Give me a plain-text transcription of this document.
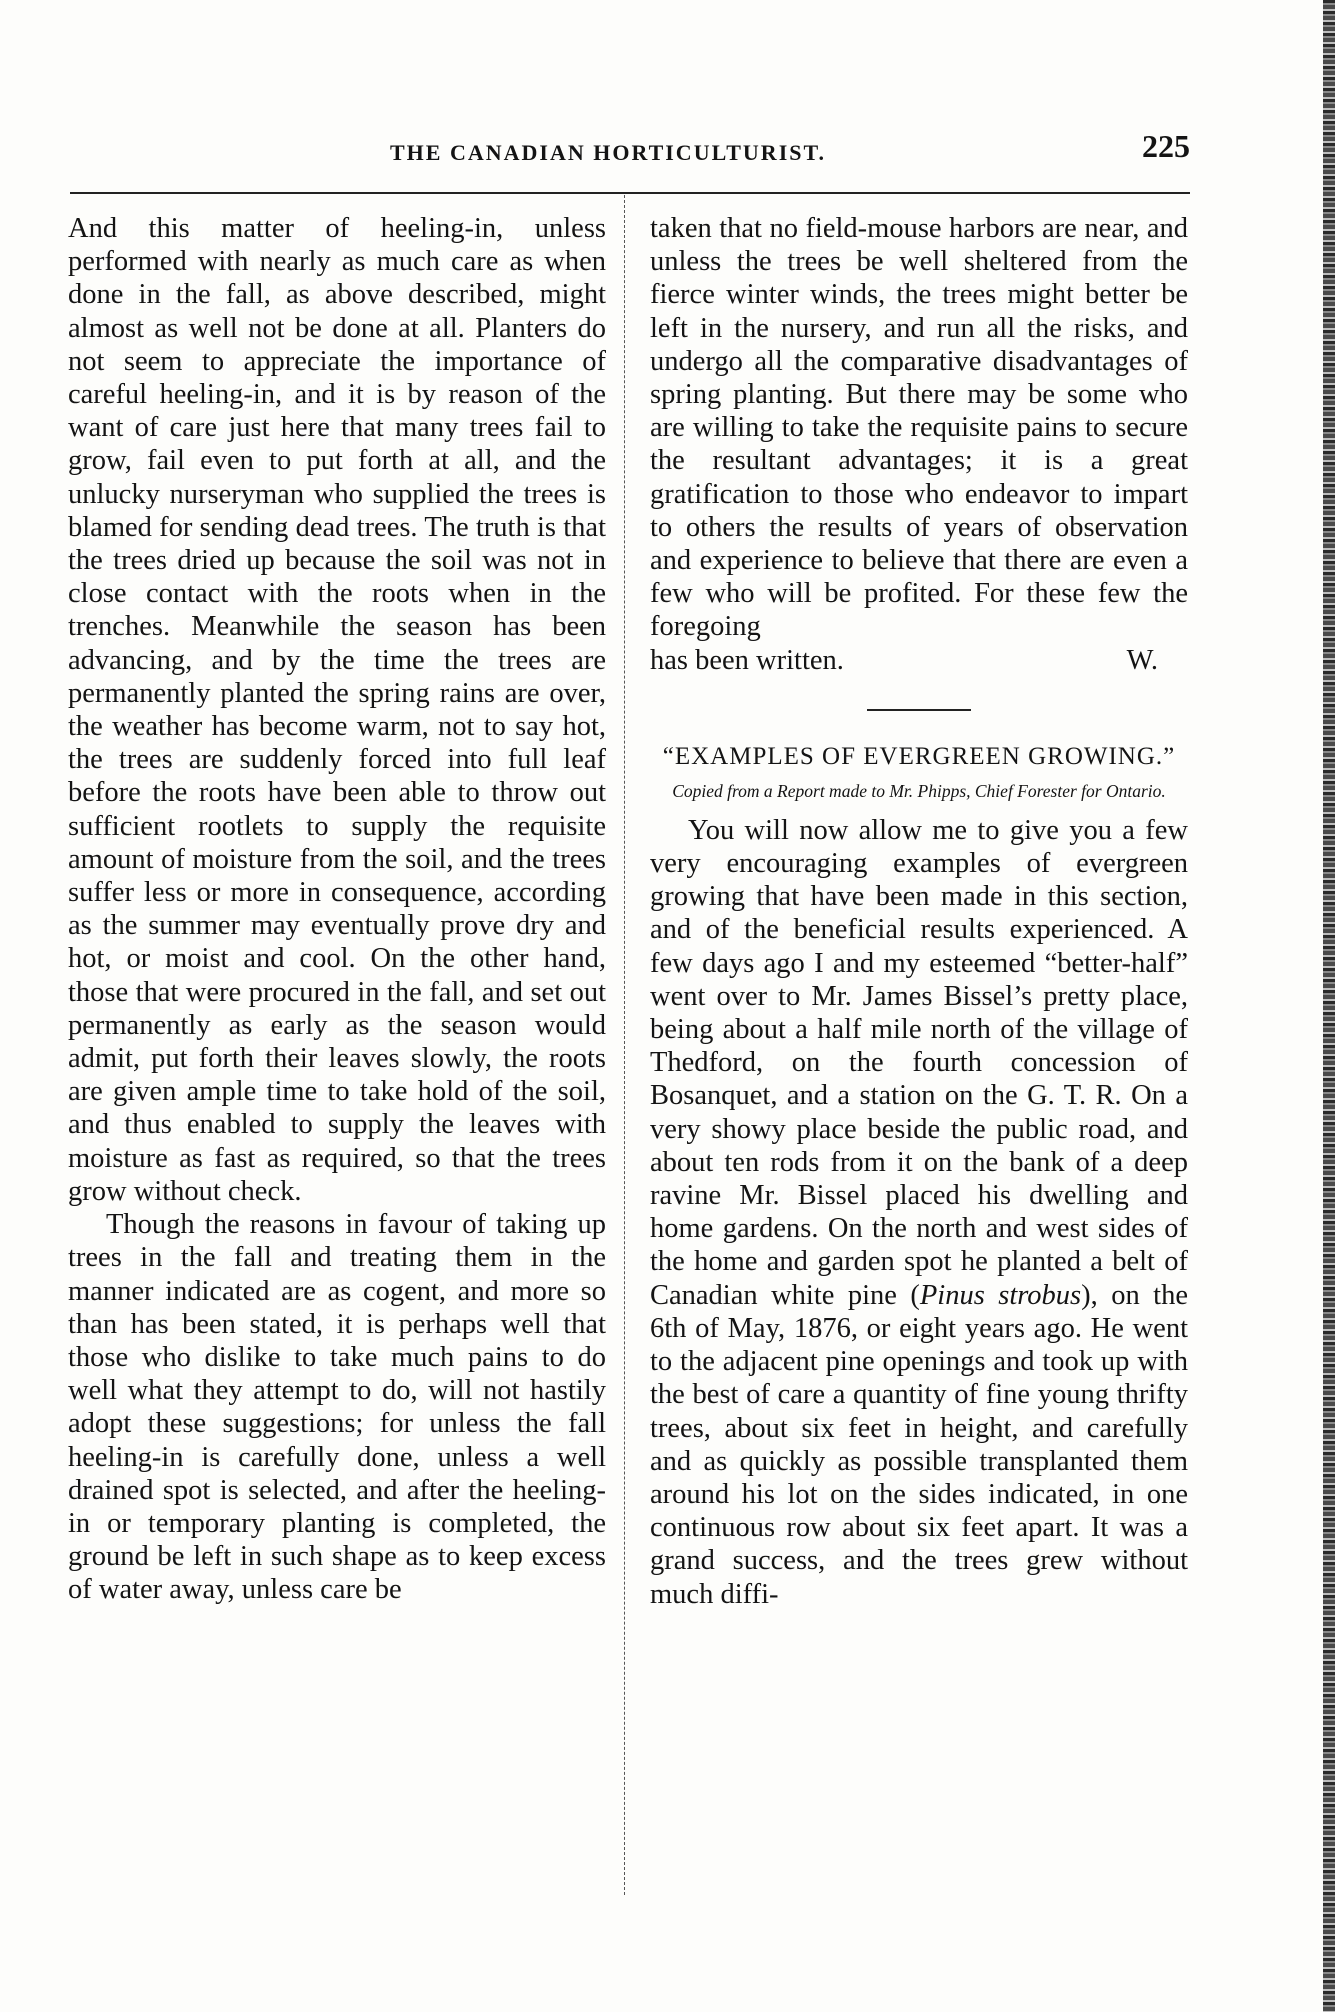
THE CANADIAN HORTICULTURIST.	225

And this matter of heeling-in, unless performed with nearly as much care as when done in the fall, as above described, might almost as well not be done at all. Planters do not seem to appreciate the importance of careful heeling-in, and it is by reason of the want of care just here that many trees fail to grow, fail even to put forth at all, and the unlucky nurseryman who supplied the trees is blamed for sending dead trees. The truth is that the trees dried up because the soil was not in close contact with the roots when in the trenches. Meanwhile the season has been advancing, and by the time the trees are permanently planted the spring rains are over, the weather has become warm, not to say hot, the trees are suddenly forced into full leaf before the roots have been able to throw out sufficient rootlets to supply the requisite amount of moisture from the soil, and the trees suffer less or more in consequence, according as the summer may eventually prove dry and hot, or moist and cool. On the other hand, those that were procured in the fall, and set out permanently as early as the season would admit, put forth their leaves slowly, the roots are given ample time to take hold of the soil, and thus enabled to supply the leaves with moisture as fast as required, so that the trees grow without check.

Though the reasons in favour of taking up trees in the fall and treating them in the manner indicated are as cogent, and more so than has been stated, it is perhaps well that those who dislike to take much pains to do well what they attempt to do, will not hastily adopt these suggestions; for unless the fall heeling-in is carefully done, unless a well drained spot is selected, and after the heeling-in or temporary planting is completed, the ground be left in such shape as to keep excess of water away, unless care be

taken that no field-mouse harbors are near, and unless the trees be well sheltered from the fierce winter winds, the trees might better be left in the nursery, and run all the risks, and undergo all the comparative disadvantages of spring planting. But there may be some who are willing to take the requisite pains to secure the resultant advantages; it is a great gratification to those who endeavor to impart to others the results of years of observation and experience to believe that there are even a few who will be profited. For these few the foregoing

has been written.	W.
“EXAMPLES OF EVERGREEN GROWING.”
Copied from a Report made to Mr. Phipps, Chief Forester for Ontario.

You will now allow me to give you a few very encouraging examples of evergreen growing that have been made in this section, and of the beneficial results experienced. A few days ago I and my esteemed “better-half” went over to Mr. James Bissel’s pretty place, being about a half mile north of the village of Thedford, on the fourth concession of Bosanquet, and a station on the G. T. R. On a very showy place beside the public road, and about ten rods from it on the bank of a deep ravine Mr. Bissel placed his dwelling and home gardens. On the north and west sides of the home and garden spot he planted a belt of Canadian white pine (Pinus strobus), on the 6th of May, 1876, or eight years ago. He went to the adjacent pine openings and took up with the best of care a quantity of fine young thrifty trees, about six feet in height, and carefully and as quickly as possible transplanted them around his lot on the sides indicated, in one continuous row about six feet apart. It was a grand success, and the trees grew without much diffi-
